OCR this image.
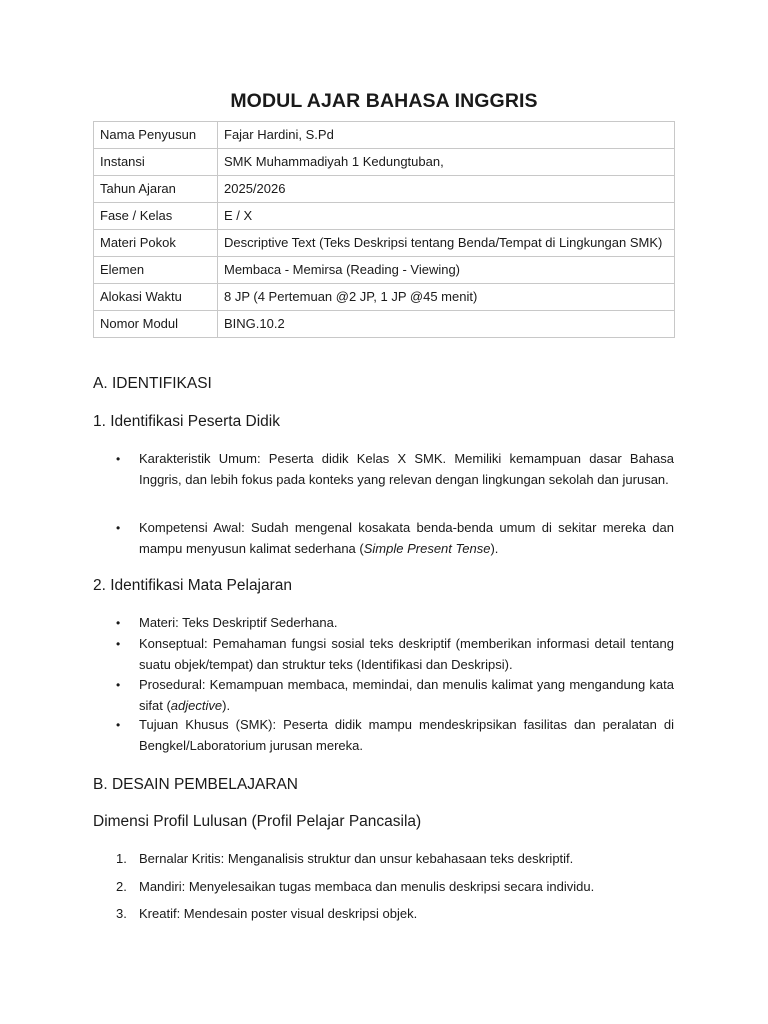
MODUL AJAR BAHASA INGGRIS
Nama Penyusun	Fajar Hardini, S.Pd
Instansi	SMK Muhammadiyah 1 Kedungtuban,
Tahun Ajaran	2025/2026
Fase / Kelas	E / X
Materi Pokok	Descriptive Text (Teks Deskripsi tentang Benda/Tempat di Lingkungan SMK)
Elemen	Membaca - Memirsa (Reading - Viewing)
Alokasi Waktu	8 JP (4 Pertemuan @2 JP, 1 JP @45 menit)
Nomor Modul	BING.10.2
A. IDENTIFIKASI
1. Identifikasi Peserta Didik
• Karakteristik Umum: Peserta didik Kelas X SMK. Memiliki kemampuan dasar Bahasa Inggris, dan lebih fokus pada konteks yang relevan dengan lingkungan sekolah dan jurusan.
• Kompetensi Awal: Sudah mengenal kosakata benda-benda umum di sekitar mereka dan mampu menyusun kalimat sederhana (Simple Present Tense).
2. Identifikasi Mata Pelajaran
• Materi: Teks Deskriptif Sederhana.
• Konseptual: Pemahaman fungsi sosial teks deskriptif (memberikan informasi detail tentang suatu objek/tempat) dan struktur teks (Identifikasi dan Deskripsi).
• Prosedural: Kemampuan membaca, memindai, dan menulis kalimat yang mengandung kata sifat (adjective).
• Tujuan Khusus (SMK): Peserta didik mampu mendeskripsikan fasilitas dan peralatan di Bengkel/Laboratorium jurusan mereka.
B. DESAIN PEMBELAJARAN
Dimensi Profil Lulusan (Profil Pelajar Pancasila)
1. Bernalar Kritis: Menganalisis struktur dan unsur kebahasaan teks deskriptif.
2. Mandiri: Menyelesaikan tugas membaca dan menulis deskripsi secara individu.
3. Kreatif: Mendesain poster visual deskripsi objek.
